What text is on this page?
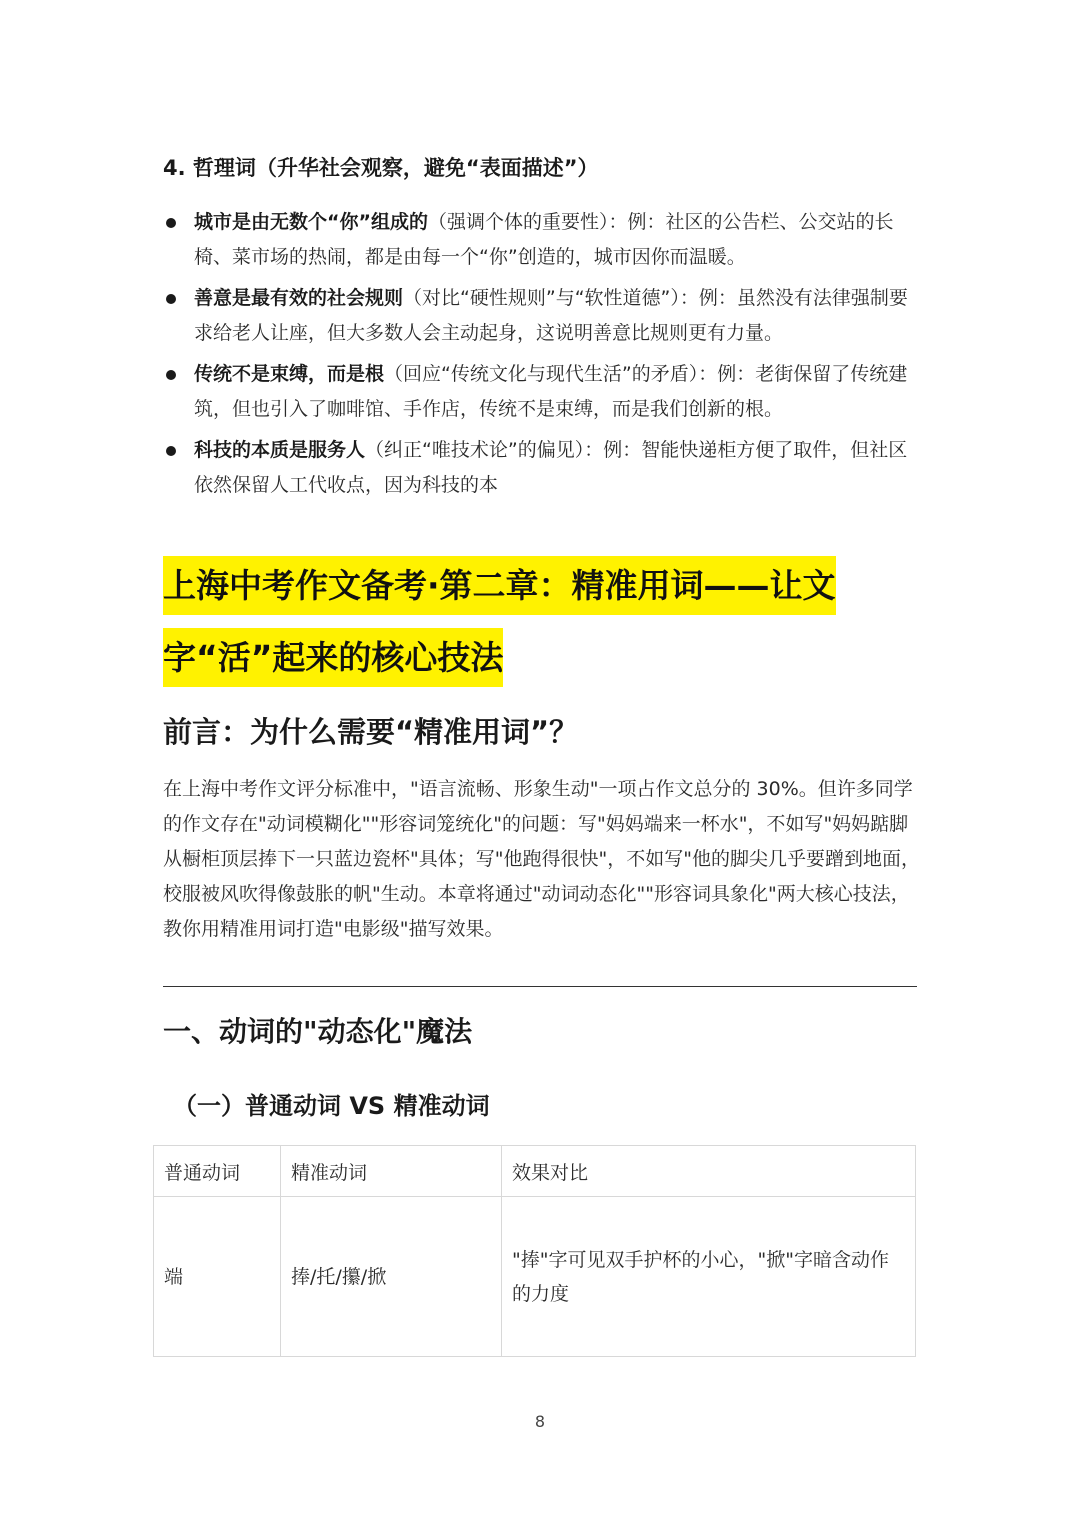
4. 哲理词（升华社会观察，避免“表面描述”）
城市是由无数个“你”组成的（强调个体的重要性）：例：社区的公告栏、公交站的长椅、菜市场的热闹，都是由每一个“你”创造的，城市因你而温暖。
善意是最有效的社会规则（对比“硬性规则”与“软性道德”）：例：虽然没有法律强制要求给老人让座，但大多数人会主动起身，这说明善意比规则更有力量。
传统不是束缚，而是根（回应“传统文化与现代生活”的矛盾）：例：老街保留了传统建筑，但也引入了咖啡馆、手作店，传统不是束缚，而是我们创新的根。
科技的本质是服务人（纠正“唯技术论”的偏见）：例：智能快递柜方便了取件，但社区依然保留人工代收点，因为科技的本
上海中考作文备考·第二章：精准用词——让文字“活”起来的核心技法
前言：为什么需要“精准用词”？

在上海中考作文评分标准中，"语言流畅、形象生动"一项占作文总分的 30%。但许多同学的作文存在"动词模糊化""形容词笼统化"的问题：写"妈妈端来一杯水"，不如写"妈妈踮脚从橱柜顶层捧下一只蓝边瓷杯"具体；写"他跑得很快"，不如写"他的脚尖几乎要蹭到地面，校服被风吹得像鼓胀的帆"生动。本章将通过"动词动态化""形容词具象化"两大核心技法，教你用精准用词打造"电影级"描写效果。

一、动词的"动态化"魔法
（一）普通动词 VS 精准动词
普通动词	精准动词	效果对比
端	捧/托/攥/掀	"捧"字可见双手护杯的小心，"掀"字暗含动作的力度
8
